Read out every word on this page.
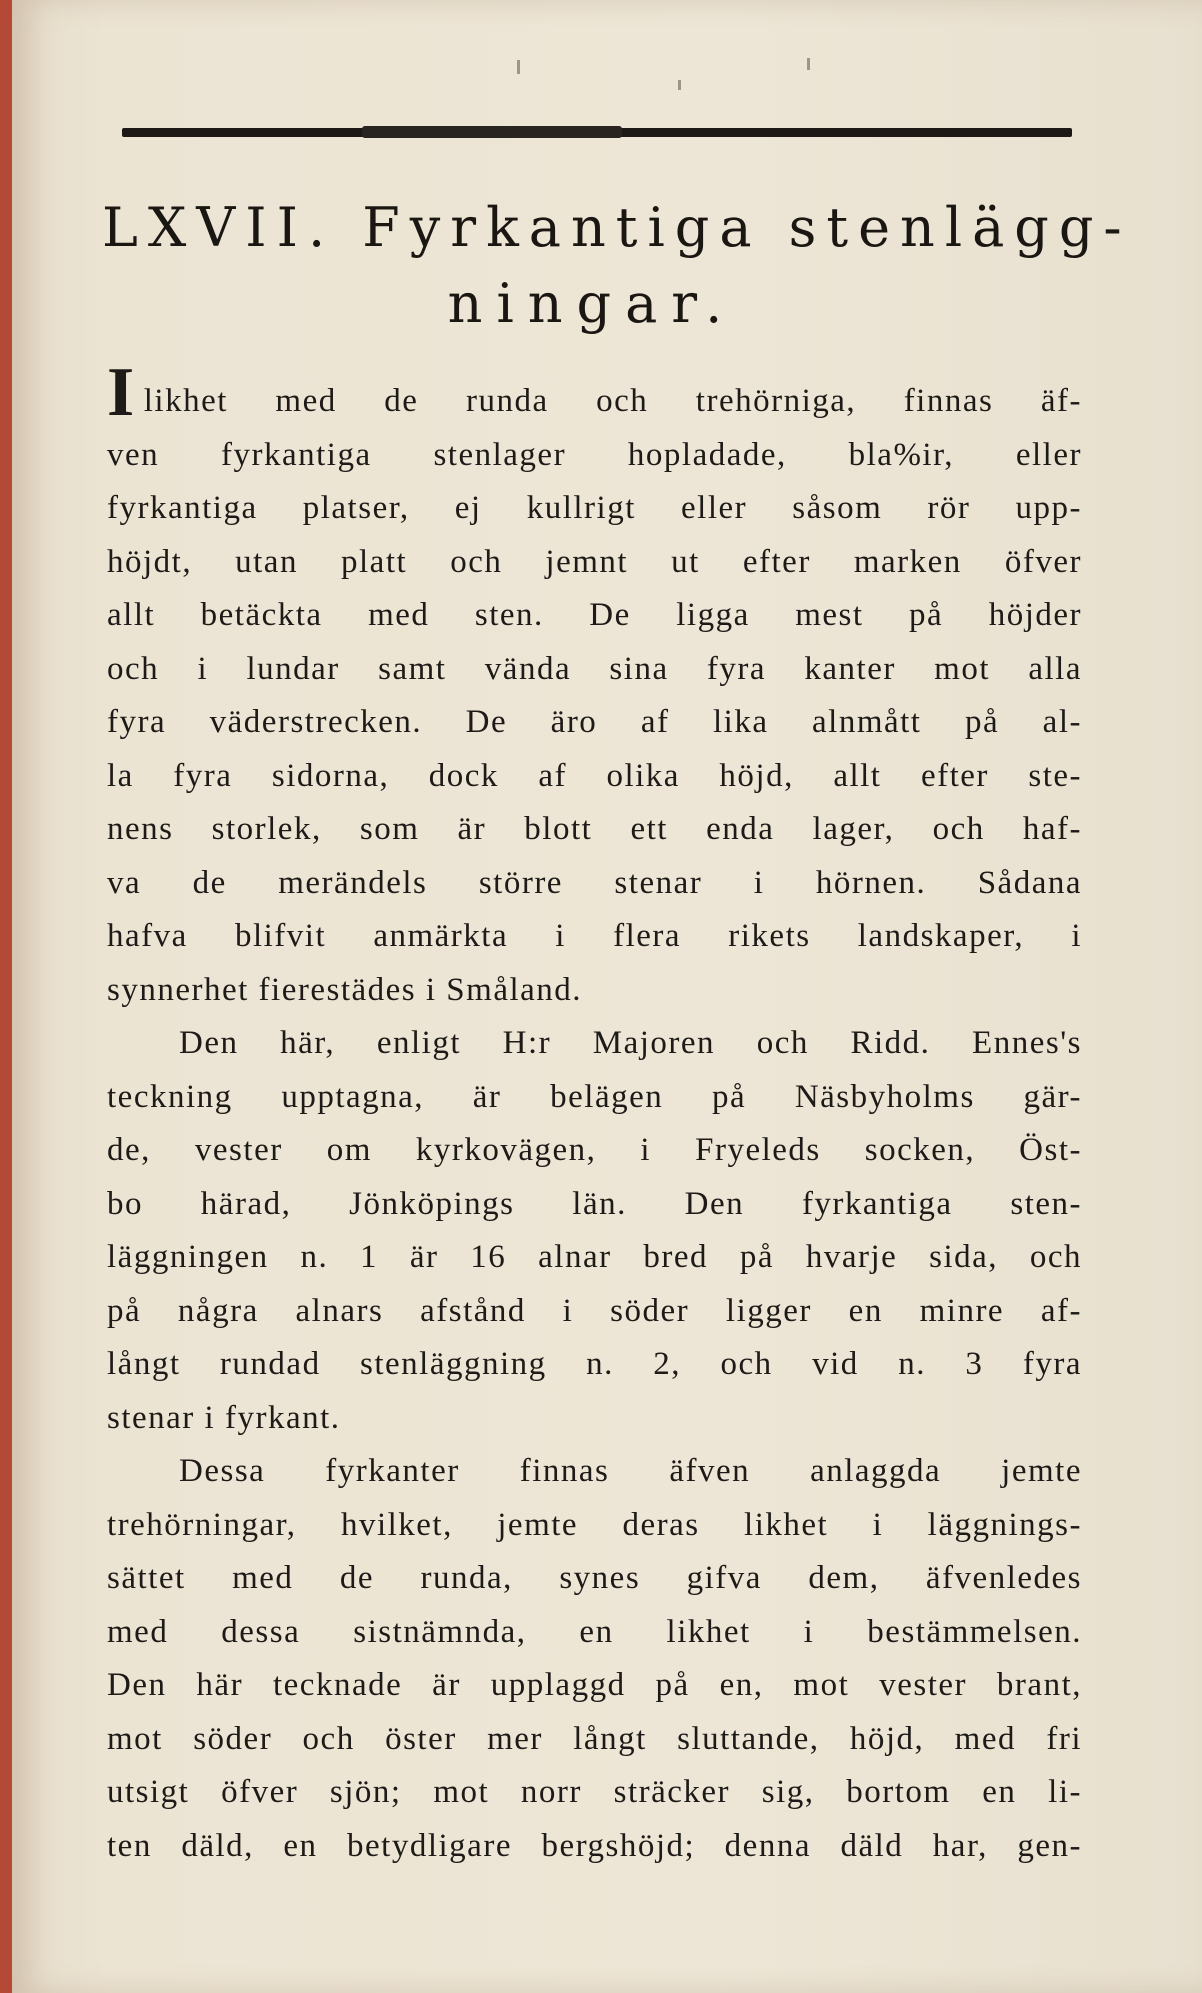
LXVII. Fyrkantiga stenlägg-
ningar.
Ilikhet med de runda och trehörniga, finnas äf-
ven fyrkantiga stenlager hopladade, bla%ir, eller
fyrkantiga platser, ej kullrigt eller såsom rör upp-
höjdt, utan platt och jemnt ut efter marken öfver
allt betäckta med sten. De ligga mest på höjder
och i lundar samt vända sina fyra kanter mot alla
fyra väderstrecken. De äro af lika alnmått på al-
la fyra sidorna, dock af olika höjd, allt efter ste-
nens storlek, som är blott ett enda lager, och haf-
va de merändels större stenar i hörnen. Sådana
hafva blifvit anmärkta i flera rikets landskaper, i
synnerhet fierestädes i Småland.
Den här, enligt H:r Majoren och Ridd. Ennes's
teckning upptagna, är belägen på Näsbyholms gär-
de, vester om kyrkovägen, i Fryeleds socken, Öst-
bo härad, Jönköpings län. Den fyrkantiga sten-
läggningen n. 1 är 16 alnar bred på hvarje sida, och
på några alnars afstånd i söder ligger en minre af-
långt rundad stenläggning n. 2, och vid n. 3 fyra
stenar i fyrkant.
Dessa fyrkanter finnas äfven anlaggda jemte
trehörningar, hvilket, jemte deras likhet i läggnings-
sättet med de runda, synes gifva dem, äfvenledes
med dessa sistnämnda, en likhet i bestämmelsen.
Den här tecknade är upplaggd på en, mot vester brant,
mot söder och öster mer långt sluttande, höjd, med fri
utsigt öfver sjön; mot norr sträcker sig, bortom en li-
ten däld, en betydligare bergshöjd; denna däld har, gen-
